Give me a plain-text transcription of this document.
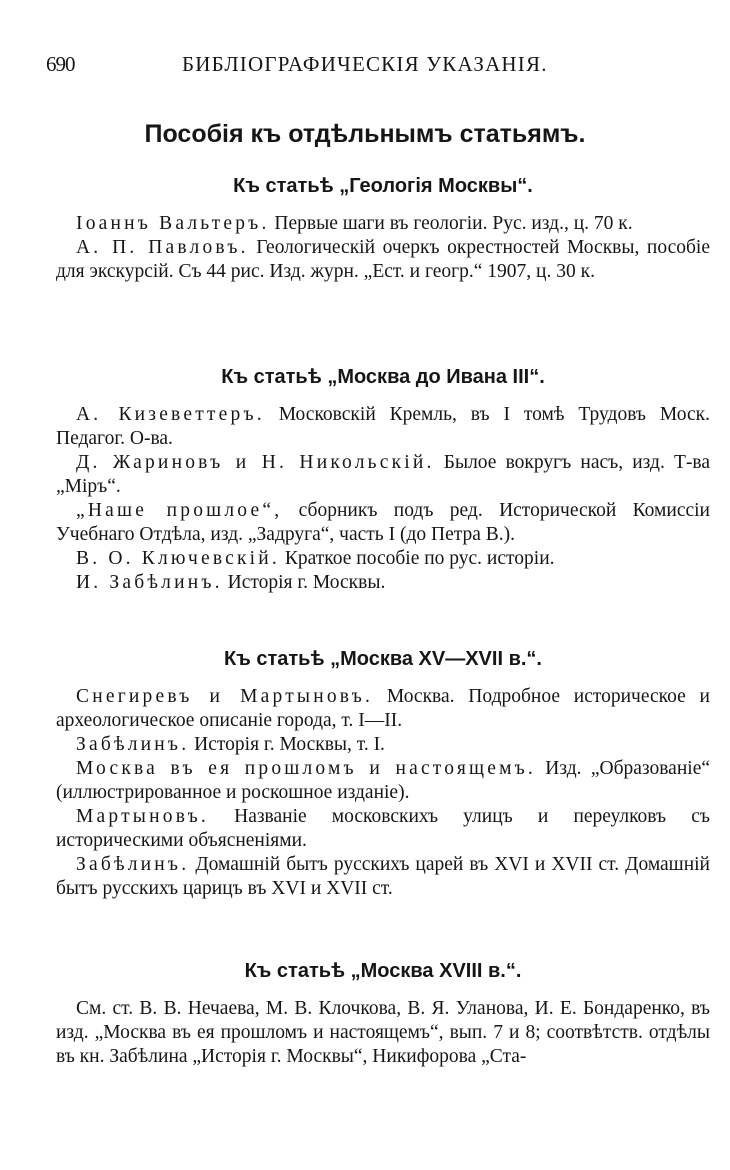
690	БИБЛIОГРАФИЧЕСКIЯ УКАЗАНIЯ.
Пособія къ отдѣльнымъ статьямъ.
Къ статьѣ „Геологія Москвы“.

Іоаннъ Вальтеръ. Первые шаги въ геологіи. Рус. изд., ц. 70 к.

А. П. Павловъ. Геологическій очеркъ окрестностей Москвы, пособіе для экскурсій. Съ 44 рис. Изд. журн. „Ест. и геогр.“ 1907, ц. 30 к.

Къ статьѣ „Москва до Ивана III“.

А. Кизеветтеръ. Московскій Кремль, въ I томѣ Трудовъ Моск. Педагог. О-ва.

Д. Жариновъ и Н. Никольскій. Былое вокругъ насъ, изд. Т-ва „Міръ“.

„Наше прошлое“, сборникъ подъ ред. Исторической Комиссіи Учебнаго Отдѣла, изд. „Задруга“, часть I (до Петра В.).

В. О. Ключевскій. Краткое пособіе по рус. исторіи.

И. Забѣлинъ. Исторія г. Москвы.

Къ статьѣ „Москва XV—XVII в.“.

Снегиревъ и Мартыновъ. Москва. Подробное историческое и археологическое описаніе города, т. I—II.

Забѣлинъ. Исторія г. Москвы, т. I.

Москва въ ея прошломъ и настоящемъ. Изд. „Образованіе“ (иллюстрированное и роскошное изданіе).

Мартыновъ. Названіе московскихъ улицъ и переулковъ съ историческими объясненіями.

Забѣлинъ. Домашній бытъ русскихъ царей въ XVI и XVII ст. Домашній бытъ русскихъ царицъ въ XVI и XVII ст.

Къ статьѣ „Москва XVIII в.“.

См. ст. В. В. Нечаева, М. В. Клочкова, В. Я. Уланова, И. Е. Бондаренко, въ изд. „Москва въ ея прошломъ и настоящемъ“, вып. 7 и 8; соотвѣтств. отдѣлы въ кн. Забѣлина „Исторія г. Москвы“, Никифорова „Ста-
